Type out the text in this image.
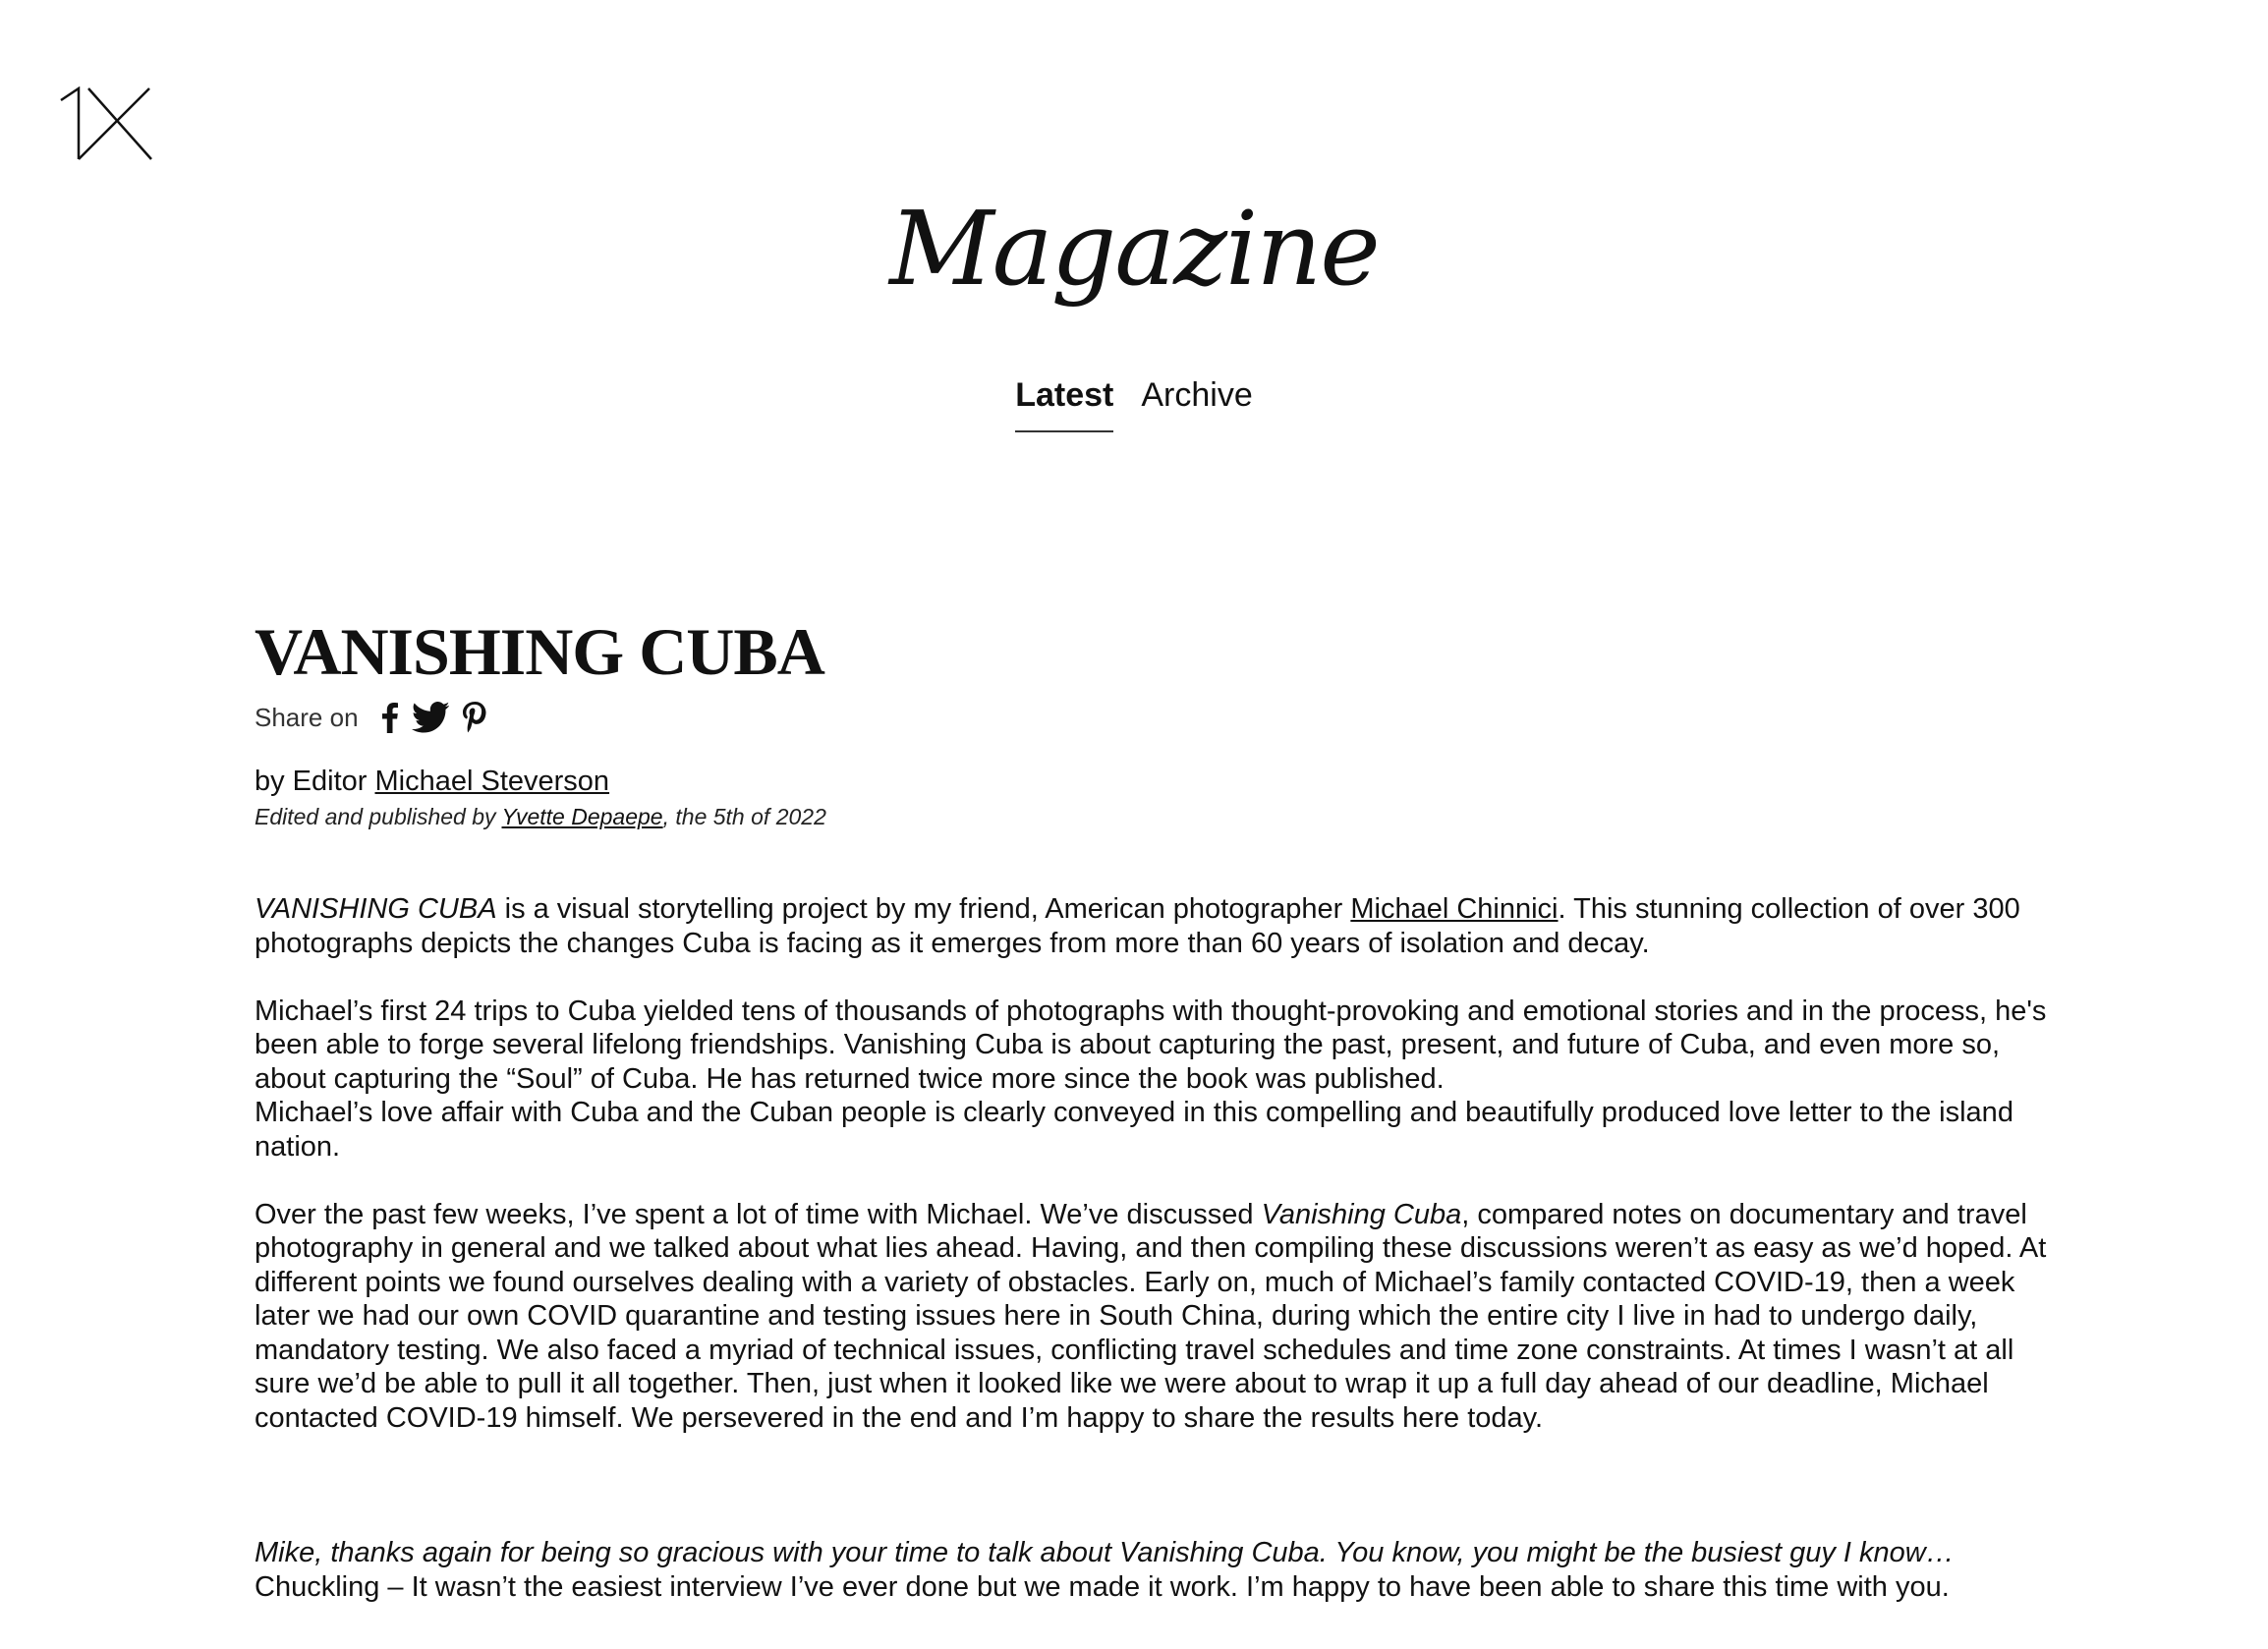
Magazine
Latest Archive
VANISHING CUBA
Share on
by Editor Michael Steverson
Edited and published by Yvette Depaepe, the 5th of 2022

VANISHING CUBA is a visual storytelling project by my friend, American photographer Michael Chinnici. This stunning collection of over 300 photographs depicts the changes Cuba is facing as it emerges from more than 60 years of isolation and decay.

Michael’s first 24 trips to Cuba yielded tens of thousands of photographs with thought-provoking and emotional stories and in the process, he's been able to forge several lifelong friendships. Vanishing Cuba is about capturing the past, present, and future of Cuba, and even more so, about capturing the “Soul” of Cuba. He has returned twice more since the book was published.

Michael’s love affair with Cuba and the Cuban people is clearly conveyed in this compelling and beautifully produced love letter to the island nation.

Over the past few weeks, I’ve spent a lot of time with Michael. We’ve discussed Vanishing Cuba, compared notes on documentary and travel photography in general and we talked about what lies ahead. Having, and then compiling these discussions weren’t as easy as we’d hoped. At different points we found ourselves dealing with a variety of obstacles. Early on, much of Michael’s family contacted COVID-19, then a week later we had our own COVID quarantine and testing issues here in South China, during which the entire city I live in had to undergo daily, mandatory testing. We also faced a myriad of technical issues, conflicting travel schedules and time zone constraints. At times I wasn’t at all sure we’d be able to pull it all together. Then, just when it looked like we were about to wrap it up a full day ahead of our deadline, Michael contacted COVID-19 himself. We persevered in the end and I’m happy to share the results here today.

Mike, thanks again for being so gracious with your time to talk about Vanishing Cuba. You know, you might be the busiest guy I know…

Chuckling – It wasn’t the easiest interview I’ve ever done but we made it work. I’m happy to have been able to share this time with you.
